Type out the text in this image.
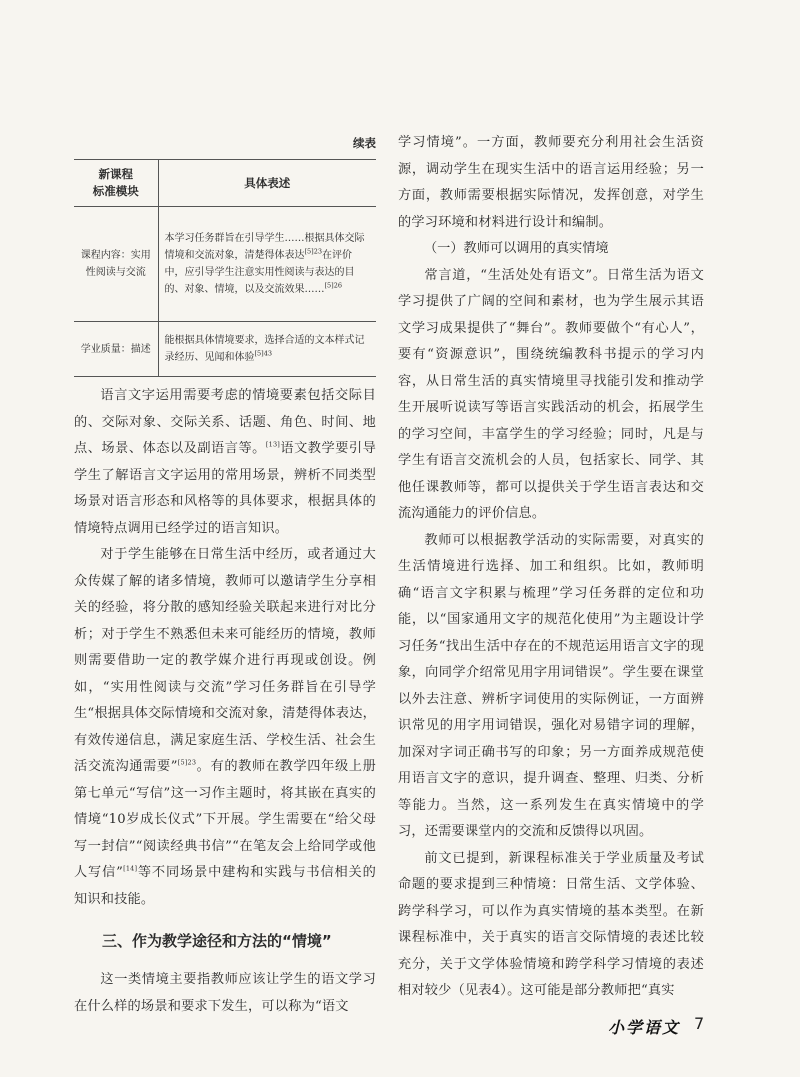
续表
新课程
标准模块	具体表述
课程内容：实用性阅读与交流	本学习任务群旨在引导学生……根据具体交际情境和交流对象，清楚得体表达$^{[5]23}$在评价中，应引导学生注意实用性阅读与表达的目的、对象、情境，以及交流效果……$^{[5]26}$
学业质量：描述	能根据具体情境要求，选择合适的文本样式记录经历、见闻和体验$^{[5]43}$

语言文字运用需要考虑的情境要素包括交际目的、交际对象、交际关系、话题、角色、时间、地点、场景、体态以及副语言等。[13]语文教学要引导学生了解语言文字运用的常用场景，辨析不同类型场景对语言形态和风格等的具体要求，根据具体的情境特点调用已经学过的语言知识。

对于学生能够在日常生活中经历，或者通过大众传媒了解的诸多情境，教师可以邀请学生分享相关的经验，将分散的感知经验关联起来进行对比分析；对于学生不熟悉但未来可能经历的情境，教师则需要借助一定的教学媒介进行再现或创设。例如，“实用性阅读与交流”学习任务群旨在引导学生“根据具体交际情境和交流对象，清楚得体表达，有效传递信息，满足家庭生活、学校生活、社会生活交流沟通需要”$^{[5]23}$。有的教师在教学四年级上册第七单元“写信”这一习作主题时，将其嵌在真实的情境“10岁成长仪式”下开展。学生需要在“给父母写一封信”“阅读经典书信”“在笔友会上给同学或他人写信”[14]等不同场景中建构和实践与书信相关的知识和技能。

三、作为教学途径和方法的“情境”

这一类情境主要指教师应该让学生的语文学习在什么样的场景和要求下发生，可以称为“语文

学习情境”。一方面，教师要充分利用社会生活资源，调动学生在现实生活中的语言运用经验；另一方面，教师需要根据实际情况，发挥创意，对学生的学习环境和材料进行设计和编制。

（一）教师可以调用的真实情境

常言道，“生活处处有语文”。日常生活为语文学习提供了广阔的空间和素材，也为学生展示其语文学习成果提供了“舞台”。教师要做个“有心人”，要有“资源意识”，围绕统编教科书提示的学习内容，从日常生活的真实情境里寻找能引发和推动学生开展听说读写等语言实践活动的机会，拓展学生的学习空间，丰富学生的学习经验；同时，凡是与学生有语言交流机会的人员，包括家长、同学、其他任课教师等，都可以提供关于学生语言表达和交流沟通能力的评价信息。

教师可以根据教学活动的实际需要，对真实的生活情境进行选择、加工和组织。比如，教师明确“语言文字积累与梳理”学习任务群的定位和功能，以“国家通用文字的规范化使用”为主题设计学习任务“找出生活中存在的不规范运用语言文字的现象，向同学介绍常见用字用词错误”。学生要在课堂以外去注意、辨析字词使用的实际例证，一方面辨识常见的用字用词错误，强化对易错字词的理解，加深对字词正确书写的印象；另一方面养成规范使用语言文字的意识，提升调查、整理、归类、分析等能力。当然，这一系列发生在真实情境中的学习，还需要课堂内的交流和反馈得以巩固。

前文已提到，新课程标准关于学业质量及考试命题的要求提到三种情境：日常生活、文学体验、跨学科学习，可以作为真实情境的基本类型。在新课程标准中，关于真实的语言交际情境的表述比较充分，关于文学体验情境和跨学科学习情境的表述相对较少（见表4）。这可能是部分教师把“真实

小学语文 7
